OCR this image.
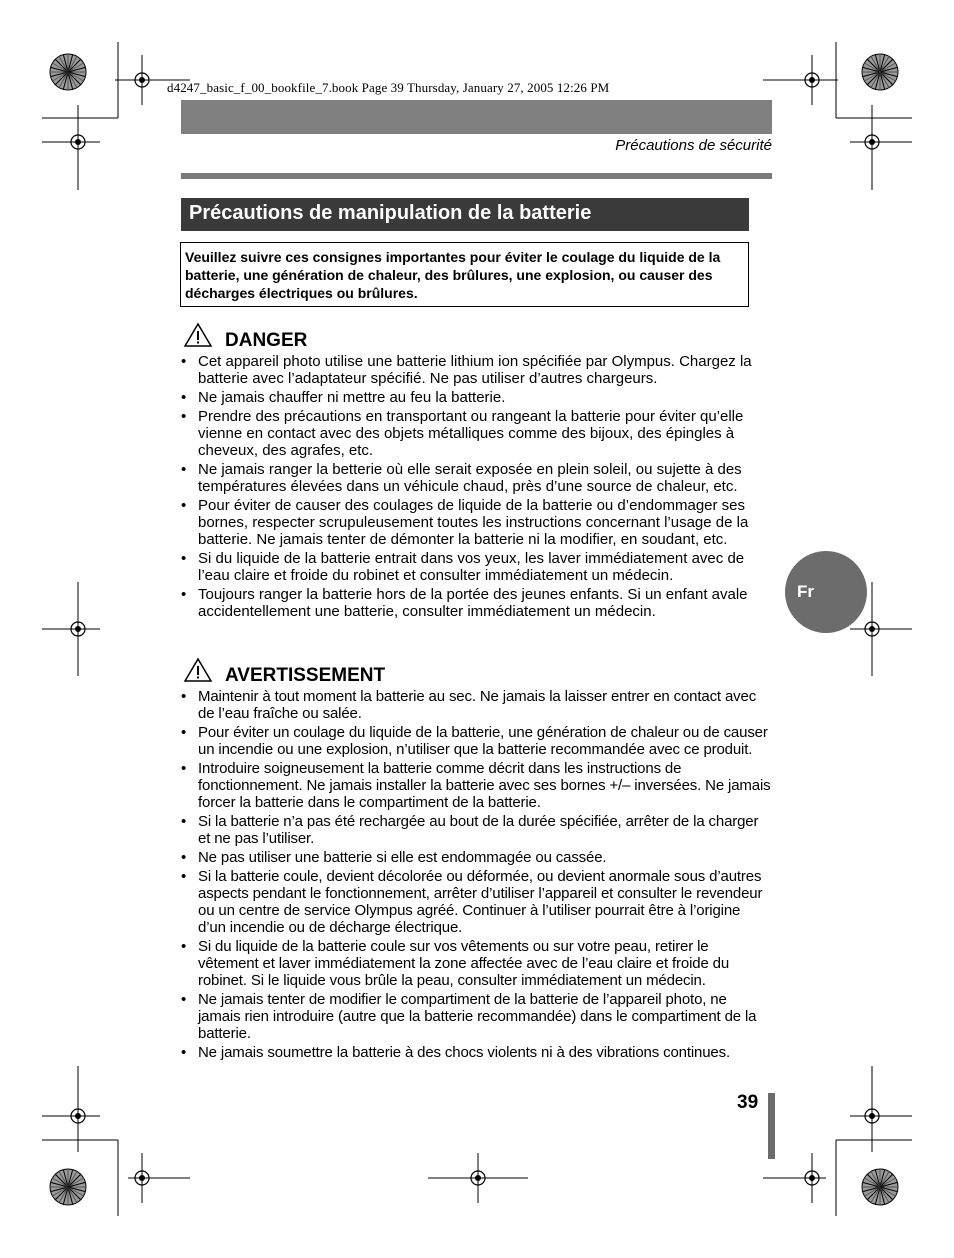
d4247_basic_f_00_bookfile_7.book Page 39 Thursday, January 27, 2005 12:26 PM
Précautions de sécurité
Précautions de manipulation de la batterie
Veuillez suivre ces consignes importantes pour éviter le coulage du liquide de la batterie, une génération de chaleur, des brûlures, une explosion, ou causer des décharges électriques ou brûlures.
DANGER
• Cet appareil photo utilise une batterie lithium ion spécifiée par Olympus. Chargez la batterie avec l’adaptateur spécifié. Ne pas utiliser d’autres chargeurs.
• Ne jamais chauffer ni mettre au feu la batterie.
• Prendre des précautions en transportant ou rangeant la batterie pour éviter qu’elle vienne en contact avec des objets métalliques comme des bijoux, des épingles à cheveux, des agrafes, etc.
• Ne jamais ranger la betterie où elle serait exposée en plein soleil, ou sujette à des températures élevées dans un véhicule chaud, près d’une source de chaleur, etc.
• Pour éviter de causer des coulages de liquide de la batterie ou d’endommager ses bornes, respecter scrupuleusement toutes les instructions concernant l’usage de la batterie. Ne jamais tenter de démonter la batterie ni la modifier, en soudant, etc.
• Si du liquide de la batterie entrait dans vos yeux, les laver immédiatement avec de l’eau claire et froide du robinet et consulter immédiatement un médecin.
• Toujours ranger la batterie hors de la portée des jeunes enfants. Si un enfant avale accidentellement une batterie, consulter immédiatement un médecin.
AVERTISSEMENT
• Maintenir à tout moment la batterie au sec. Ne jamais la laisser entrer en contact avec de l’eau fraîche ou salée.
• Pour éviter un coulage du liquide de la batterie, une génération de chaleur ou de causer un incendie ou une explosion, n’utiliser que la batterie recommandée avec ce produit.
• Introduire soigneusement la batterie comme décrit dans les instructions de fonctionnement. Ne jamais installer la batterie avec ses bornes +/– inversées. Ne jamais forcer la batterie dans le compartiment de la batterie.
• Si la batterie n’a pas été rechargée au bout de la durée spécifiée, arrêter de la charger et ne pas l’utiliser.
• Ne pas utiliser une batterie si elle est endommagée ou cassée.
• Si la batterie coule, devient décolorée ou déformée, ou devient anormale sous d’autres aspects pendant le fonctionnement, arrêter d’utiliser l’appareil et consulter le revendeur ou un centre de service Olympus agréé. Continuer à l’utiliser pourrait être à l’origine d’un incendie ou de décharge électrique.
• Si du liquide de la batterie coule sur vos vêtements ou sur votre peau, retirer le vêtement et laver immédiatement la zone affectée avec de l’eau claire et froide du robinet. Si le liquide vous brûle la peau, consulter immédiatement un médecin.
• Ne jamais tenter de modifier le compartiment de la batterie de l’appareil photo, ne jamais rien introduire (autre que la batterie recommandée) dans le compartiment de la batterie.
• Ne jamais soumettre la batterie à des chocs violents ni à des vibrations continues.
Fr
39
